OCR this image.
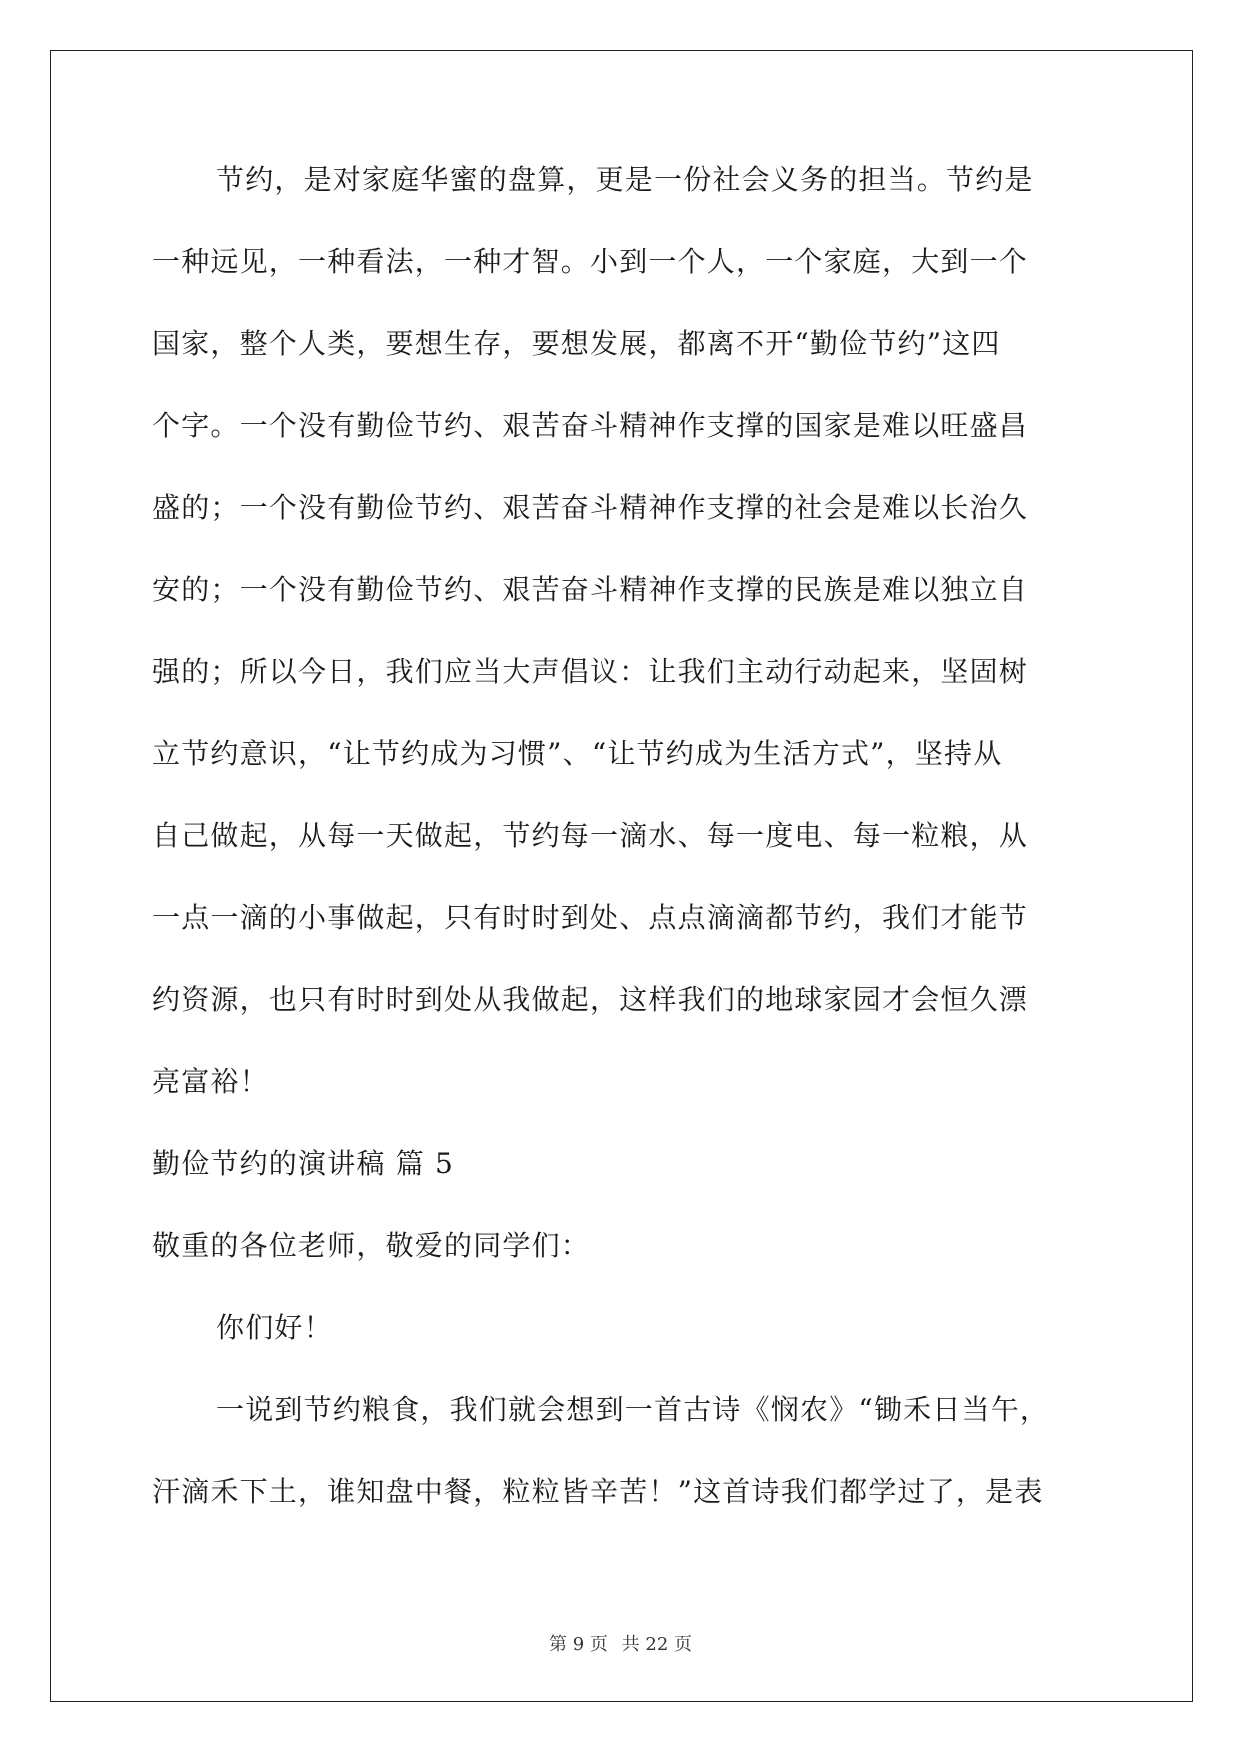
节约，是对家庭华蜜的盘算，更是一份社会义务的担当。节约是
一种远见，一种看法，一种才智。小到一个人，一个家庭，大到一个
国家，整个人类，要想生存，要想发展，都离不开“勤俭节约”这四
个字。一个没有勤俭节约、艰苦奋斗精神作支撑的国家是难以旺盛昌
盛的；一个没有勤俭节约、艰苦奋斗精神作支撑的社会是难以长治久
安的；一个没有勤俭节约、艰苦奋斗精神作支撑的民族是难以独立自
强的；所以今日，我们应当大声倡议：让我们主动行动起来，坚固树
立节约意识，“让节约成为习惯”、“让节约成为生活方式”，坚持从
自己做起，从每一天做起，节约每一滴水、每一度电、每一粒粮，从
一点一滴的小事做起，只有时时到处、点点滴滴都节约，我们才能节
约资源，也只有时时到处从我做起，这样我们的地球家园才会恒久漂
亮富裕！
勤俭节约的演讲稿 篇 5
敬重的各位老师，敬爱的同学们：
你们好！
一说到节约粮食，我们就会想到一首古诗《悯农》“锄禾日当午，
汗滴禾下土，谁知盘中餐，粒粒皆辛苦！”这首诗我们都学过了，是表
第 9 页 共 22 页
